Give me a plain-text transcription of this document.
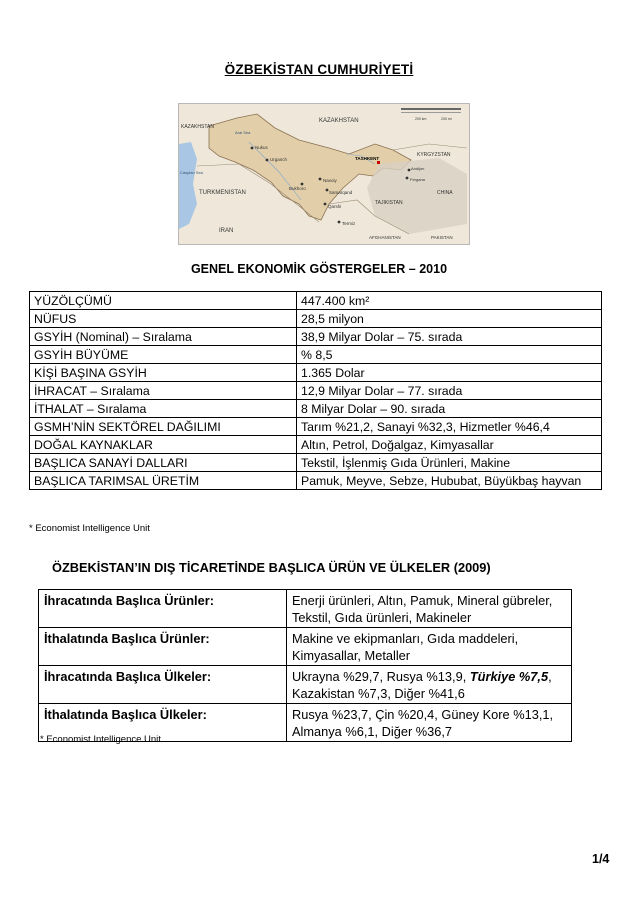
ÖZBEKİSTAN CUMHURİYETİ
KAZAKHSTAN
KAZAKHSTAN
KYRGYZSTAN
TURKMENISTAN
TAJIKISTAN
CHINA
IRAN
AFGHANISTAN	PAKISTAN
TASHKENT
Nukus
Urganch
Bukhoro
Navoiy
Samarqand
Qarshi
Termiz
Andijon
Fergana
Caspian Sea
Aral Sea
200 km	200 mi
GENEL EKONOMİK GÖSTERGELER – 2010
YÜZÖLÇÜMÜ	447.400 km²
NÜFUS	28,5 milyon
GSYİH (Nominal) – Sıralama	38,9 Milyar Dolar – 75. sırada
GSYİH BÜYÜME	% 8,5
KİŞİ BAŞINA GSYİH	1.365 Dolar
İHRACAT – Sıralama	12,9 Milyar Dolar – 77. sırada
İTHALAT – Sıralama	8 Milyar Dolar – 90. sırada
GSMH’NİN SEKTÖREL DAĞILIMI	Tarım %21,2, Sanayi %32,3, Hizmetler %46,4
DOĞAL KAYNAKLAR	Altın, Petrol, Doğalgaz, Kimyasallar
BAŞLICA SANAYİ DALLARI	Tekstil, İşlenmiş Gıda Ürünleri, Makine
BAŞLICA TARIMSAL ÜRETİM	Pamuk, Meyve, Sebze, Hububat, Büyükbaş hayvan
* Economist Intelligence Unit
ÖZBEKİSTAN’IN DIŞ TİCARETİNDE BAŞLICA ÜRÜN VE ÜLKELER (2009)
İhracatında Başlıca Ürünler:	Enerji ürünleri, Altın, Pamuk, Mineral gübreler, Tekstil, Gıda ürünleri, Makineler
İthalatında Başlıca Ürünler:	Makine ve ekipmanları, Gıda maddeleri, Kimyasallar, Metaller
İhracatında Başlıca Ülkeler:	Ukrayna %29,7, Rusya %13,9, Türkiye %7,5, Kazakistan %7,3, Diğer %41,6
İthalatında Başlıca Ülkeler:	Rusya %23,7, Çin %20,4, Güney Kore %13,1, Almanya %6,1, Diğer %36,7
* Economist Intelligence Unit
1/4
